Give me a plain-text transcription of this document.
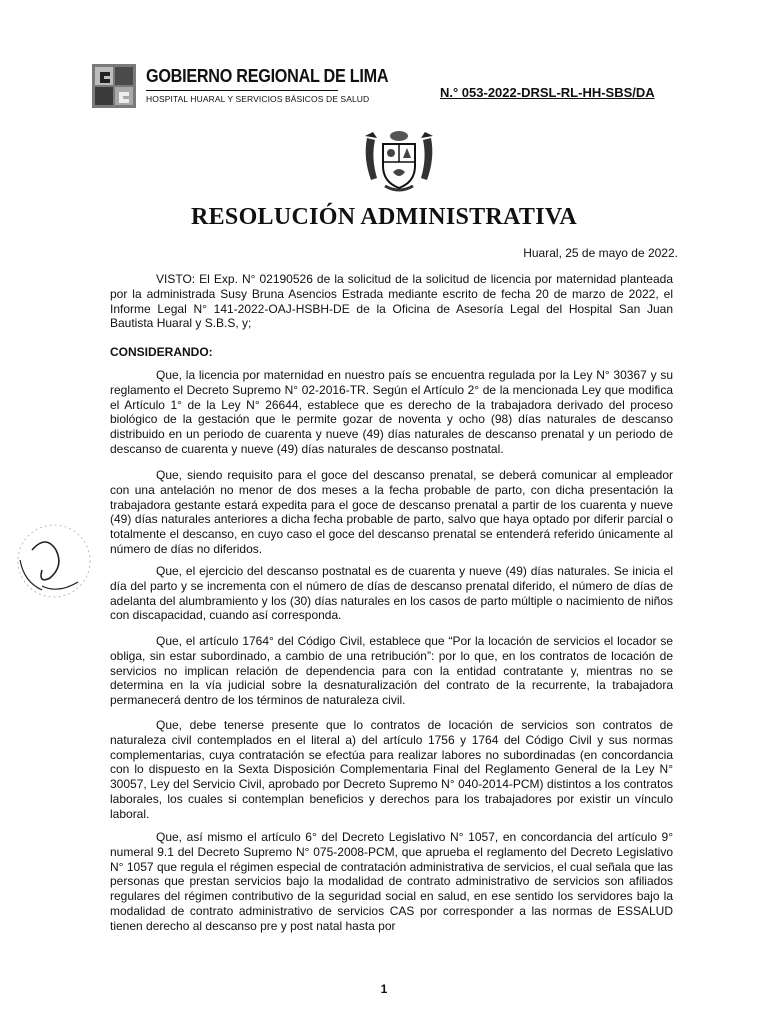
GOBIERNO REGIONAL DE LIMA
HOSPITAL HUARAL Y SERVICIOS BÁSICOS DE SALUD	N.° 053-2022-DRSL-RL-HH-SBS/DA
RESOLUCIÓN ADMINISTRATIVA
Huaral, 25 de mayo de 2022.
VISTO: El Exp. N° 02190526 de la solicitud de la solicitud de licencia por maternidad planteada por la administrada Susy Bruna Asencios Estrada mediante escrito de fecha 20 de marzo de 2022, el Informe Legal N° 141-2022-OAJ-HSBH-DE de la Oficina de Asesoría Legal del Hospital San Juan Bautista Huaral y S.B.S, y;
CONSIDERANDO:
Que, la licencia por maternidad en nuestro país se encuentra regulada por la Ley N° 30367 y su reglamento el Decreto Supremo N° 02-2016-TR. Según el Artículo 2° de la mencionada Ley que modifica el Artículo 1° de la Ley N° 26644, establece que es derecho de la trabajadora derivado del proceso biológico de la gestación que le permite gozar de noventa y ocho (98) días naturales de descanso distribuido en un periodo de cuarenta y nueve (49) días naturales de descanso prenatal y un periodo de descanso de cuarenta y nueve (49) días naturales de descanso postnatal.
Que, siendo requisito para el goce del descanso prenatal, se deberá comunicar al empleador con una antelación no menor de dos meses a la fecha probable de parto, con dicha presentación la trabajadora gestante estará expedita para el goce de descanso prenatal a partir de los cuarenta y nueve (49) días naturales anteriores a dicha fecha probable de parto, salvo que haya optado por diferir parcial o totalmente el descanso, en cuyo caso el goce del descanso prenatal se entenderá referido únicamente al número de días no diferidos.
Que, el ejercicio del descanso postnatal es de cuarenta y nueve (49) días naturales. Se inicia el día del parto y se incrementa con el número de días de descanso prenatal diferido, el número de días de adelanta del alumbramiento y los (30) días naturales en los casos de parto múltiple o nacimiento de niños con discapacidad, cuando así corresponda.
Que, el artículo 1764° del Código Civil, establece que “Por la locación de servicios el locador se obliga, sin estar subordinado, a cambio de una retribución”: por lo que, en los contratos de locación de servicios no implican relación de dependencia para con la entidad contratante y, mientras no se determina en la vía judicial sobre la desnaturalización del contrato de la recurrente, la trabajadora permanecerá dentro de los términos de naturaleza civil.
Que, debe tenerse presente que lo contratos de locación de servicios son contratos de naturaleza civil contemplados en el literal a) del artículo 1756 y 1764 del Código Civil y sus normas complementarias, cuya contratación se efectúa para realizar labores no subordinadas (en concordancia con lo dispuesto en la Sexta Disposición Complementaria Final del Reglamento General de la Ley N° 30057, Ley del Servicio Civil, aprobado por Decreto Supremo N° 040-2014-PCM) distintos a los contratos laborales, los cuales si contemplan beneficios y derechos para los trabajadores por existir un vínculo laboral.
Que, así mismo el artículo 6° del Decreto Legislativo N° 1057, en concordancia del artículo 9° numeral 9.1 del Decreto Supremo N° 075-2008-PCM, que aprueba el reglamento del Decreto Legislativo N° 1057 que regula el régimen especial de contratación administrativa de servicios, el cual señala que las personas que prestan servicios bajo la modalidad de contrato administrativo de servicios son afiliados regulares del régimen contributivo de la seguridad social en salud, en ese sentido los servidores bajo la modalidad de contrato administrativo de servicios CAS por corresponder a las normas de ESSALUD tienen derecho al descanso pre y post natal hasta por
1
